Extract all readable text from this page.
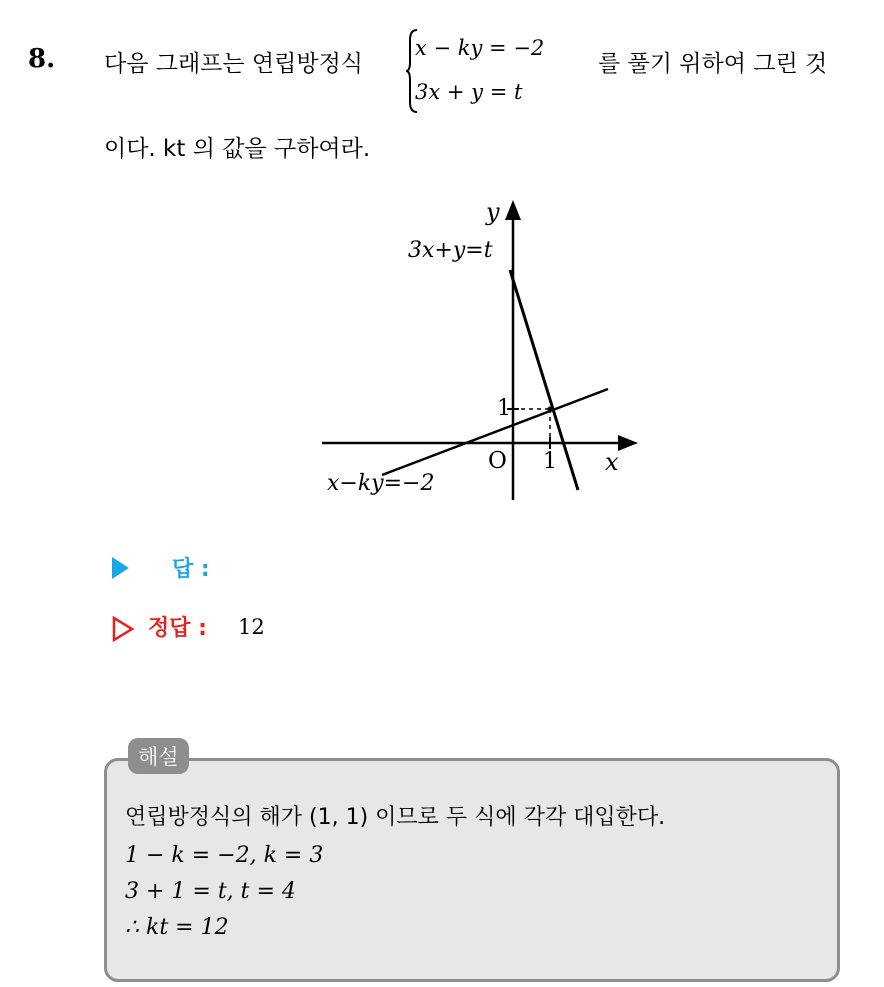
8. 다음 그래프는 연립방정식
x − ky = −2
3x + y = t
를 풀기 위하여 그린 것
이다. kt 의 값을 구하여라.
y
x
O 1
1
3x+y=t
x−ky=−2
답 :
정답 : 12
해설
연립방정식의 해가 (1, 1) 이므로 두 식에 각각 대입한다.
1 − k = −2, k = 3
3 + 1 = t, t = 4
∴ kt = 12
